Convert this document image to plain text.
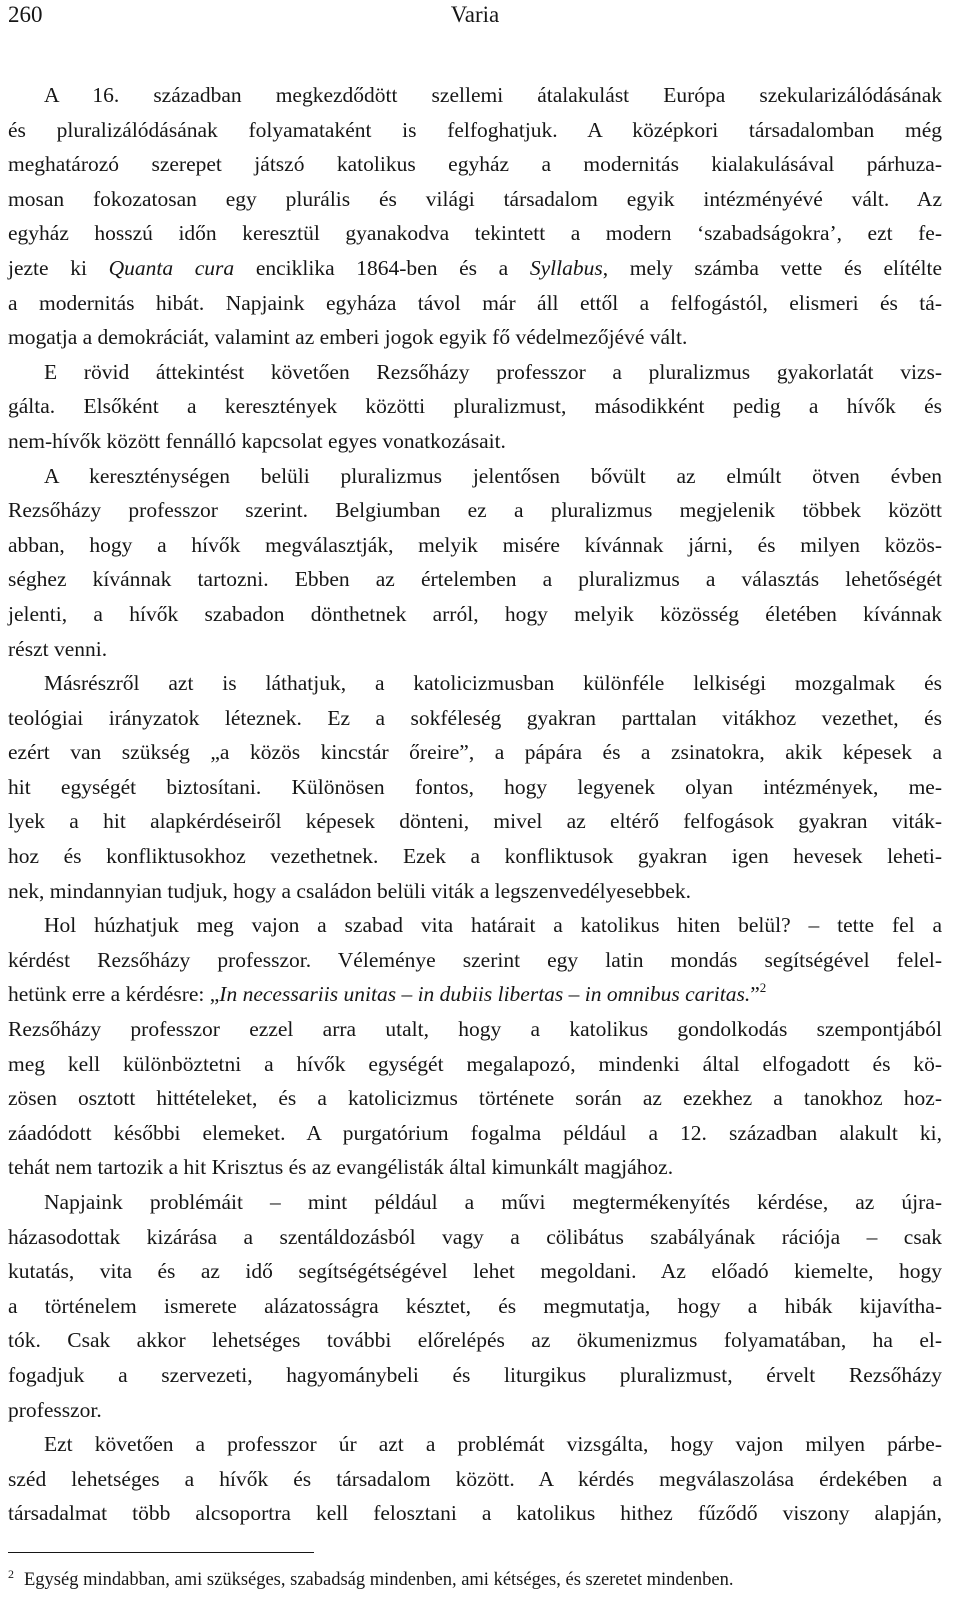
260	Varia
A 16. században megkezdődött szellemi átalakulást Európa szekularizálódásának
és pluralizálódásának folyamataként is felfoghatjuk. A középkori társadalomban még
meghatározó szerepet játszó katolikus egyház a modernitás kialakulásával párhuza-
mosan fokozatosan egy plurális és világi társadalom egyik intézményévé vált. Az
egyház hosszú időn keresztül gyanakodva tekintett a modern ‘szabadságokra’, ezt fe-
jezte ki Quanta cura enciklika 1864-ben és a Syllabus, mely számba vette és elítélte
a modernitás hibát. Napjaink egyháza távol már áll ettől a felfogástól, elismeri és tá-
mogatja a demokráciát, valamint az emberi jogok egyik fő védelmezőjévé vált.
E rövid áttekintést követően Rezsőházy professzor a pluralizmus gyakorlatát vizs-
gálta. Elsőként a keresztények közötti pluralizmust, másodikként pedig a hívők és
nem-hívők között fennálló kapcsolat egyes vonatkozásait.
A kereszténységen belüli pluralizmus jelentősen bővült az elmúlt ötven évben
Rezsőházy professzor szerint. Belgiumban ez a pluralizmus megjelenik többek között
abban, hogy a hívők megválasztják, melyik misére kívánnak járni, és milyen közös-
séghez kívánnak tartozni. Ebben az értelemben a pluralizmus a választás lehetőségét
jelenti, a hívők szabadon dönthetnek arról, hogy melyik közösség életében kívánnak
részt venni.
Másrészről azt is láthatjuk, a katolicizmusban különféle lelkiségi mozgalmak és
teológiai irányzatok léteznek. Ez a sokféleség gyakran parttalan vitákhoz vezethet, és
ezért van szükség „a közös kincstár őreire”, a pápára és a zsinatokra, akik képesek a
hit egységét biztosítani. Különösen fontos, hogy legyenek olyan intézmények, me-
lyek a hit alapkérdéseiről képesek dönteni, mivel az eltérő felfogások gyakran viták-
hoz és konfliktusokhoz vezethetnek. Ezek a konfliktusok gyakran igen hevesek leheti-
nek, mindannyian tudjuk, hogy a családon belüli viták a legszenvedélyesebbek.
Hol húzhatjuk meg vajon a szabad vita határait a katolikus hiten belül? – tette fel a
kérdést Rezsőházy professzor. Véleménye szerint egy latin mondás segítségével felel-
hetünk erre a kérdésre: „In necessariis unitas – in dubiis libertas – in omnibus caritas.”$^2$
Rezsőházy professzor ezzel arra utalt, hogy a katolikus gondolkodás szempontjából
meg kell különböztetni a hívők egységét megalapozó, mindenki által elfogadott és kö-
zösen osztott hittételeket, és a katolicizmus története során az ezekhez a tanokhoz hoz-
záadódott későbbi elemeket. A purgatórium fogalma például a 12. században alakult ki,
tehát nem tartozik a hit Krisztus és az evangélisták által kimunkált magjához.
Napjaink problémáit – mint például a művi megtermékenyítés kérdése, az újra-
házasodottak kizárása a szentáldozásból vagy a cölibátus szabályának rációja – csak
kutatás, vita és az idő segítségétségével lehet megoldani. Az előadó kiemelte, hogy
a történelem ismerete alázatosságra késztet, és megmutatja, hogy a hibák kijavítha-
tók. Csak akkor lehetséges további előrelépés az ökumenizmus folyamatában, ha el-
fogadjuk a szervezeti, hagyománybeli és liturgikus pluralizmust, érvelt Rezsőházy
professzor.
Ezt követően a professzor úr azt a problémát vizsgálta, hogy vajon milyen párbe-
széd lehetséges a hívők és társadalom között. A kérdés megválaszolása érdekében a
társadalmat több alcsoportra kell felosztani a katolikus hithez fűződő viszony alapján,
$^2$ Egység mindabban, ami szükséges, szabadság mindenben, ami kétséges, és szeretet mindenben.
